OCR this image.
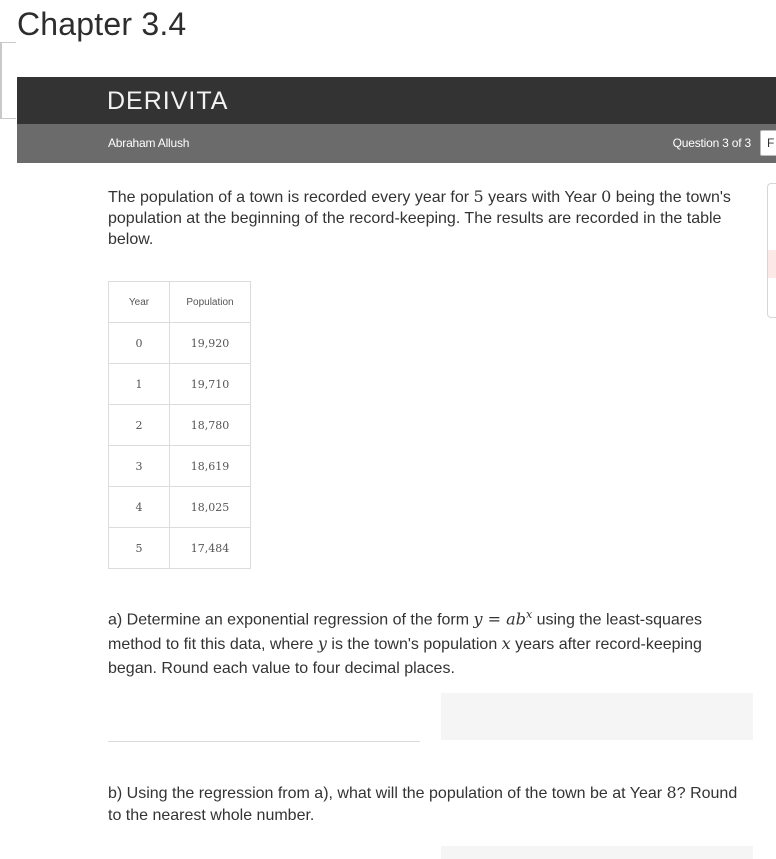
Chapter 3.4
DERIVITA
Abraham Allush	Question 3 of 3	F
The population of a town is recorded every year for 5 years with Year 0 being the town's population at the beginning of the record-keeping. The results are recorded in the table below.
Year	Population
0	19,920
1	19,710
2	18,780
3	18,619
4	18,025
5	17,484
a) Determine an exponential regression of the form $y = ab^x$ using the least-squares method to fit this data, where y is the town's population x years after record-keeping began. Round each value to four decimal places.
b) Using the regression from a), what will the population of the town be at Year 8? Round to the nearest whole number.
